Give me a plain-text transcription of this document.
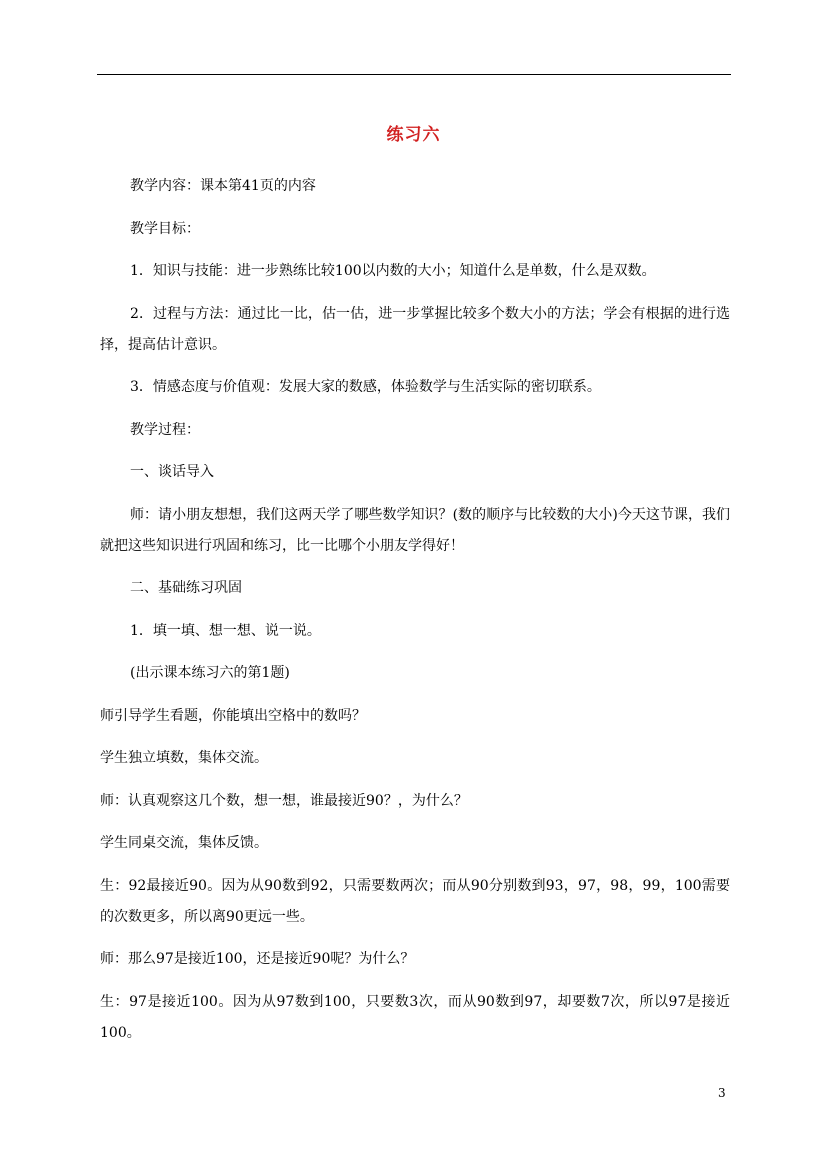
练习六

教学内容：课本第41页的内容

教学目标：

1．知识与技能：进一步熟练比较100以内数的大小；知道什么是单数，什么是双数。

2．过程与方法：通过比一比，估一估，进一步掌握比较多个数大小的方法；学会有根据的进行选择，提高估计意识。

3．情感态度与价值观：发展大家的数感，体验数学与生活实际的密切联系。

教学过程：

一、谈话导入

师：请小朋友想想，我们这两天学了哪些数学知识？(数的顺序与比较数的大小)今天这节课，我们就把这些知识进行巩固和练习，比一比哪个小朋友学得好！

二、基础练习巩固

1．填一填、想一想、说一说。

(出示课本练习六的第1题)

师引导学生看题，你能填出空格中的数吗？

学生独立填数，集体交流。

师：认真观察这几个数，想一想，谁最接近90？，为什么？

学生同桌交流，集体反馈。

生：92最接近90。因为从90数到92，只需要数两次；而从90分别数到93，97，98，99，100需要的次数更多，所以离90更远一些。

师：那么97是接近100，还是接近90呢？为什么？

生：97是接近100。因为从97数到100，只要数3次，而从90数到97，却要数7次，所以97是接近100。

3
